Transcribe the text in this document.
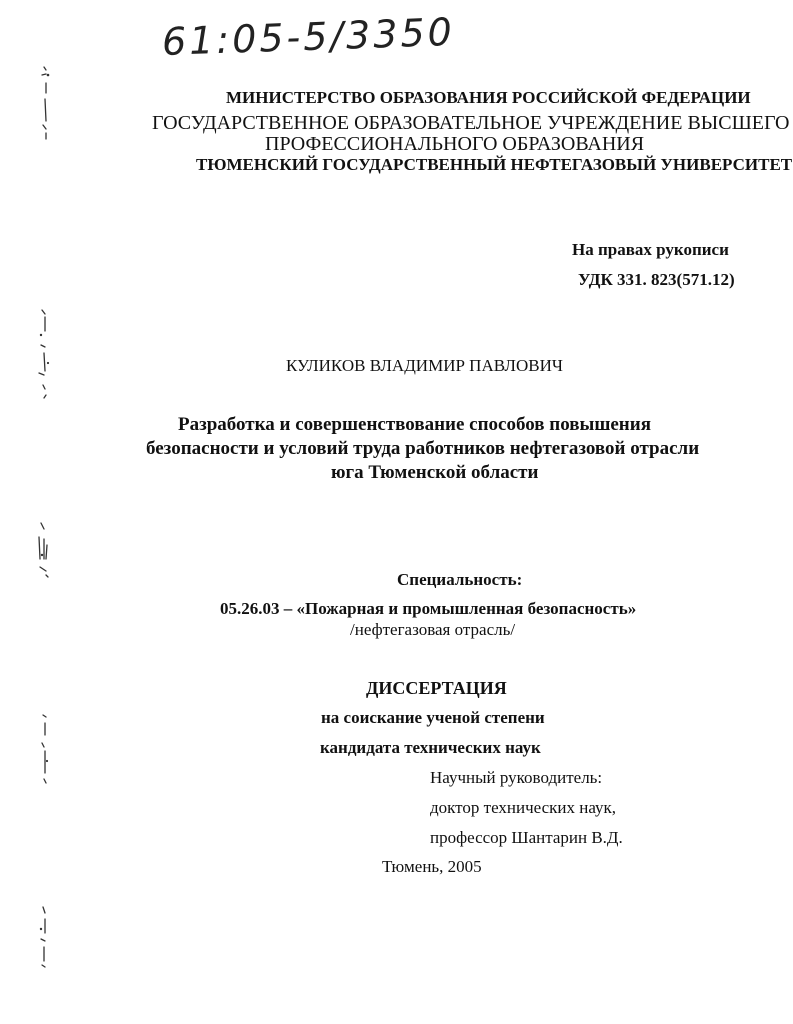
61:05-5/3350
МИНИСТЕРСТВО ОБРАЗОВАНИЯ РОССИЙСКОЙ ФЕДЕРАЦИИ
ГОСУДАРСТВЕННОЕ ОБРАЗОВАТЕЛЬНОЕ УЧРЕЖДЕНИЕ ВЫСШЕГО
ПРОФЕССИОНАЛЬНОГО ОБРАЗОВАНИЯ
ТЮМЕНСКИЙ ГОСУДАРСТВЕННЫЙ НЕФТЕГАЗОВЫЙ УНИВЕРСИТЕТ
На правах рукописи
УДК 331. 823(571.12)
КУЛИКОВ ВЛАДИМИР ПАВЛОВИЧ
Разработка и совершенствование способов повышения
безопасности и условий труда работников нефтегазовой отрасли
юга Тюменской области
Специальность:
05.26.03 – «Пожарная и промышленная безопасность»
/нефтегазовая отрасль/
ДИССЕРТАЦИЯ
на соискание ученой степени
кандидата технических наук
Научный руководитель:
доктор технических наук,
профессор Шантарин В.Д.
Тюмень, 2005
